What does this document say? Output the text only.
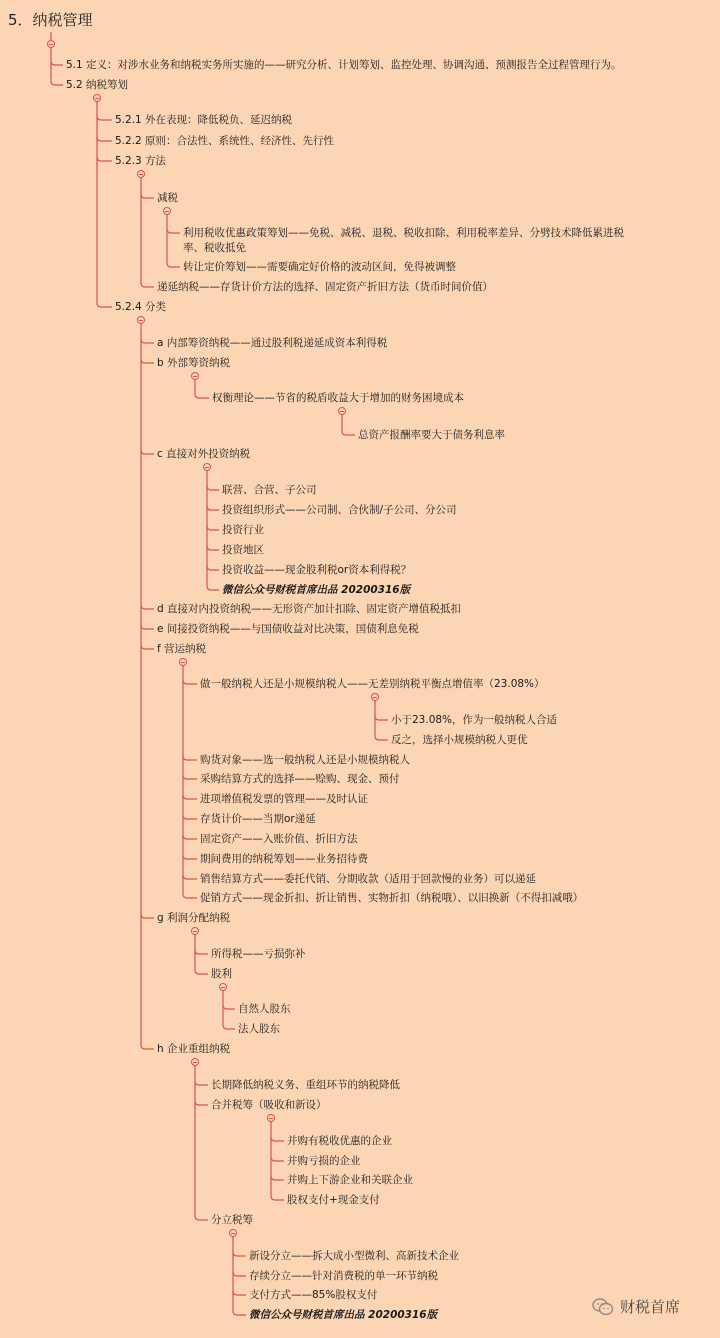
5．纳税管理
5.1 定义：对涉水业务和纳税实务所实施的——研究分析、计划筹划、监控处理、协调沟通、预测报告全过程管理行为。
5.2 纳税筹划
5.2.1 外在表现：降低税负、延迟纳税
5.2.2 原则：合法性、系统性、经济性、先行性
5.2.3 方法
减税
利用税收优惠政策筹划——免税、减税、退税、税收扣除、利用税率差异、分劈技术降低累进税率、税收抵免
转让定价筹划——需要确定好价格的波动区间，免得被调整
递延纳税——存货计价方法的选择、固定资产折旧方法（货币时间价值）
5.2.4 分类
a 内部筹资纳税——通过股利税递延成资本利得税
b 外部筹资纳税
权衡理论——节省的税盾收益大于增加的财务困境成本
总资产报酬率要大于债务利息率
c 直接对外投资纳税
联营、合营、子公司
投资组织形式——公司制、合伙制/子公司、分公司
投资行业
投资地区
投资收益——现金股利税or资本利得税？
微信公众号财税首席出品 20200316版
d 直接对内投资纳税——无形资产加计扣除、固定资产增值税抵扣
e 间接投资纳税——与国债收益对比决策，国债利息免税
f 营运纳税
做一般纳税人还是小规模纳税人——无差别纳税平衡点增值率（23.08%）
小于23.08%，作为一般纳税人合适
反之，选择小规模纳税人更优
购货对象——选一般纳税人还是小规模纳税人
采购结算方式的选择——赊购、现金、预付
进项增值税发票的管理——及时认证
存货计价——当期or递延
固定资产——入账价值、折旧方法
期间费用的纳税筹划——业务招待费
销售结算方式——委托代销、分期收款（适用于回款慢的业务）可以递延
促销方式——现金折扣、折让销售、实物折扣（纳税哦）、以旧换新（不得扣减哦）
g 利润分配纳税
所得税——亏损弥补
股利
自然人股东
法人股东
h 企业重组纳税
长期降低纳税义务、重组环节的纳税降低
合并税筹（吸收和新设）
并购有税收优惠的企业
并购亏损的企业
并购上下游企业和关联企业
股权支付+现金支付
分立税筹
新设分立——拆大成小型微利、高新技术企业
存续分立——针对消费税的单一环节纳税
支付方式——85%股权支付
微信公众号财税首席出品 20200316版	财税首席
